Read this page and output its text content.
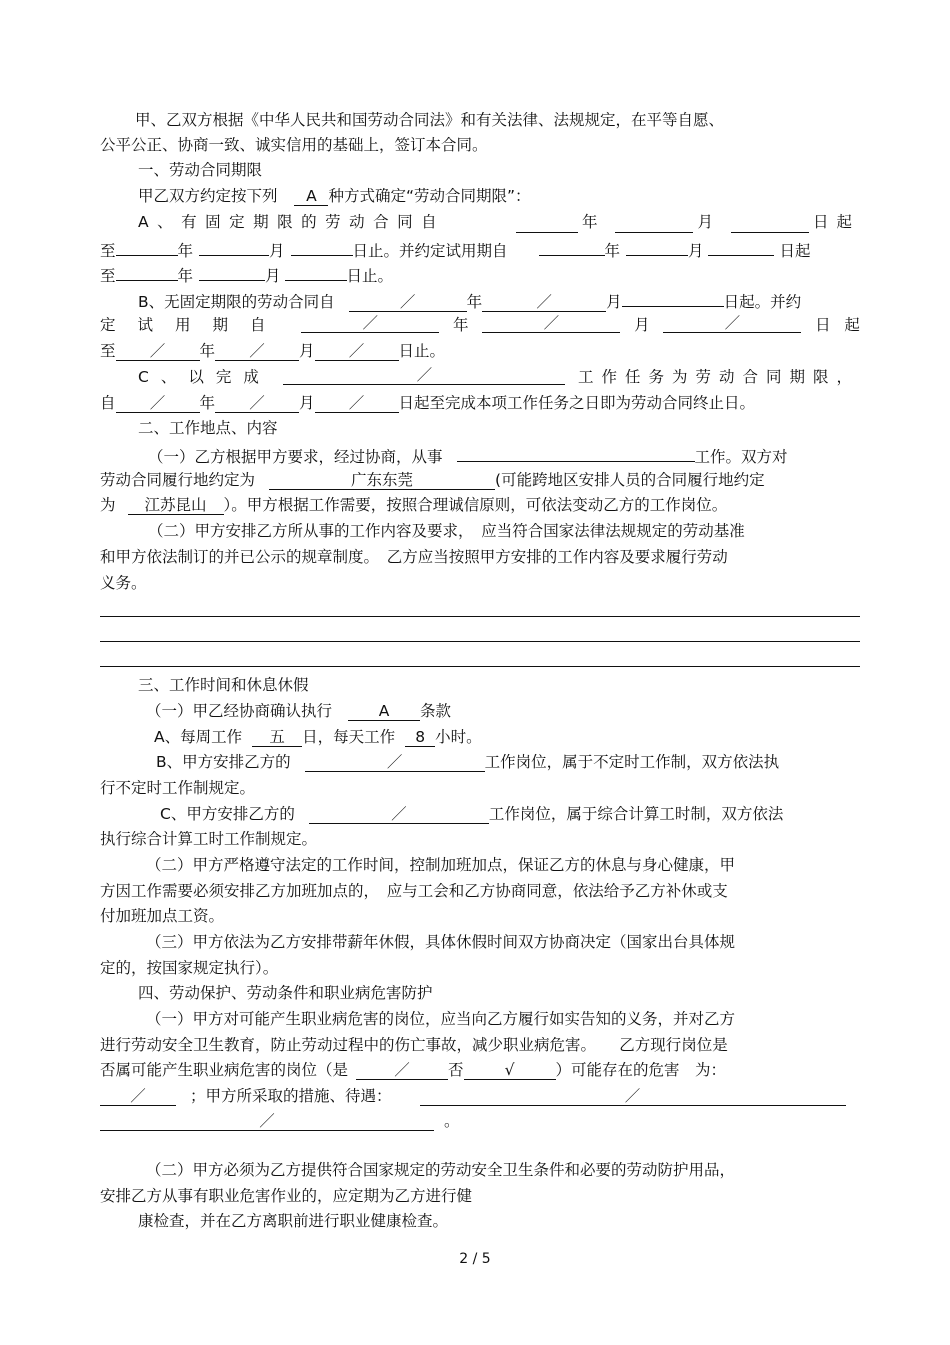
甲、乙双方根据《中华人民共和国劳动合同法》和有关法律、法规规定，在平等自愿、
公平公正、协商一致、诚实信用的基础上，签订本合同。
一、劳动合同期限
甲乙双方约定按下列 A 种方式确定“劳动合同期限”：
A、有固定期限的劳动合同自	年	月	日起
至	年	月	日止。并约定试用期自	年	月	日起
至	年	月	日止。
B、无固定期限的劳动合同自	／	年	／	月	日起。并约
定试用期自	／	年	／	月	／	日 起
至 ／ 年 ／ 月 ／ 日止。
C、以完成	／	工作任务为劳动合同期限，
自 ／ 年 ／ 月 ／ 日起至完成本项工作任务之日即为劳动合同终止日。
二、工作地点、内容
（一）乙方根据甲方要求，经过协商，从事	工作。双方对
劳动合同履行地约定为	广东东莞	(可能跨地区安排人员的合同履行地约定
为 江苏昆山 ）。甲方根据工作需要，按照合理诚信原则，可依法变动乙方的工作岗位。
（二）甲方安排乙方所从事的工作内容及要求，　应当符合国家法律法规规定的劳动基准
和甲方依法制订的并已公示的规章制度。　乙方应当按照甲方安排的工作内容及要求履行劳动
义务。
三、工作时间和休息休假
（一）甲乙经协商确认执行	A 条款
A、每周工作 五 日，每天工作 8 小时。
B、甲方安排乙方的	／	工作岗位，属于不定时工作制，双方依法执
行不定时工作制规定。
C、甲方安排乙方的	／	工作岗位，属于综合计算工时制，双方依法
执行综合计算工时工作制规定。
（二）甲方严格遵守法定的工作时间，控制加班加点，保证乙方的休息与身心健康，甲
方因工作需要必须安排乙方加班加点的，　应与工会和乙方协商同意，依法给予乙方补休或支
付加班加点工资。
（三）甲方依法为乙方安排带薪年休假，具体休假时间双方协商决定（国家出台具体规
定的，按国家规定执行）。
四、劳动保护、劳动条件和职业病危害防护
（一）甲方对可能产生职业病危害的岗位，应当向乙方履行如实告知的义务，并对乙方
进行劳动安全卫生教育，防止劳动过程中的伤亡事故，减少职业病危害。　　乙方现行岗位是
否属可能产生职业病危害的岗位（是	／ 否	√	）可能存在的危害　为：
／	；甲方所采取的措施、待遇：	／
／	。
（二）甲方必须为乙方提供符合国家规定的劳动安全卫生条件和必要的劳动防护用品，
安排乙方从事有职业危害作业的，应定期为乙方进行健
康检查，并在乙方离职前进行职业健康检查。
2 / 5
